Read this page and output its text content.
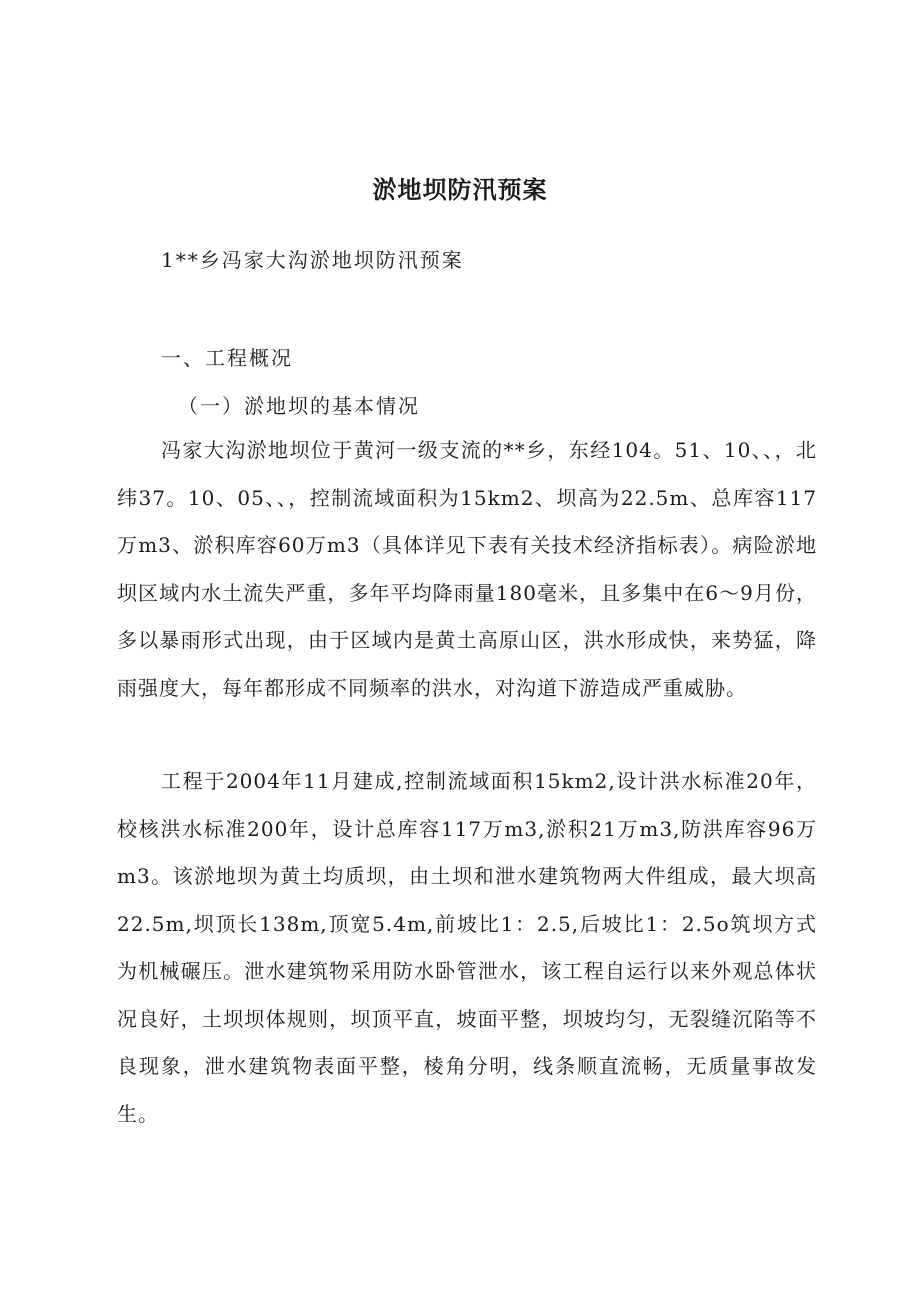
淤地坝防汛预案
1**乡冯家大沟淤地坝防汛预案
一、工程概况
（一）淤地坝的基本情况

冯家大沟淤地坝位于黄河一级支流的**乡，东经104。51、10、、，北纬37。10、05、、，控制流域面积为15km2、坝高为22.5m、总库容117万m3、淤积库容60万m3（具体详见下表有关技术经济指标表）。病险淤地坝区域内水土流失严重，多年平均降雨量180毫米，且多集中在6～9月份，多以暴雨形式出现，由于区域内是黄土高原山区，洪水形成快，来势猛，降雨强度大，每年都形成不同频率的洪水，对沟道下游造成严重威胁。

工程于2004年11月建成,控制流域面积15km2,设计洪水标准20年，校核洪水标准200年，设计总库容117万m3,淤积21万m3,防洪库容96万m3。该淤地坝为黄土均质坝，由土坝和泄水建筑物两大件组成，最大坝高22.5m,坝顶长138m,顶宽5.4m,前坡比1：2.5,后坡比1：2.5o筑坝方式为机械碾压。泄水建筑物采用防水卧管泄水，该工程自运行以来外观总体状况良好，土坝坝体规则，坝顶平直，坡面平整，坝坡均匀，无裂缝沉陷等不良现象，泄水建筑物表面平整，棱角分明，线条顺直流畅，无质量事故发生。
